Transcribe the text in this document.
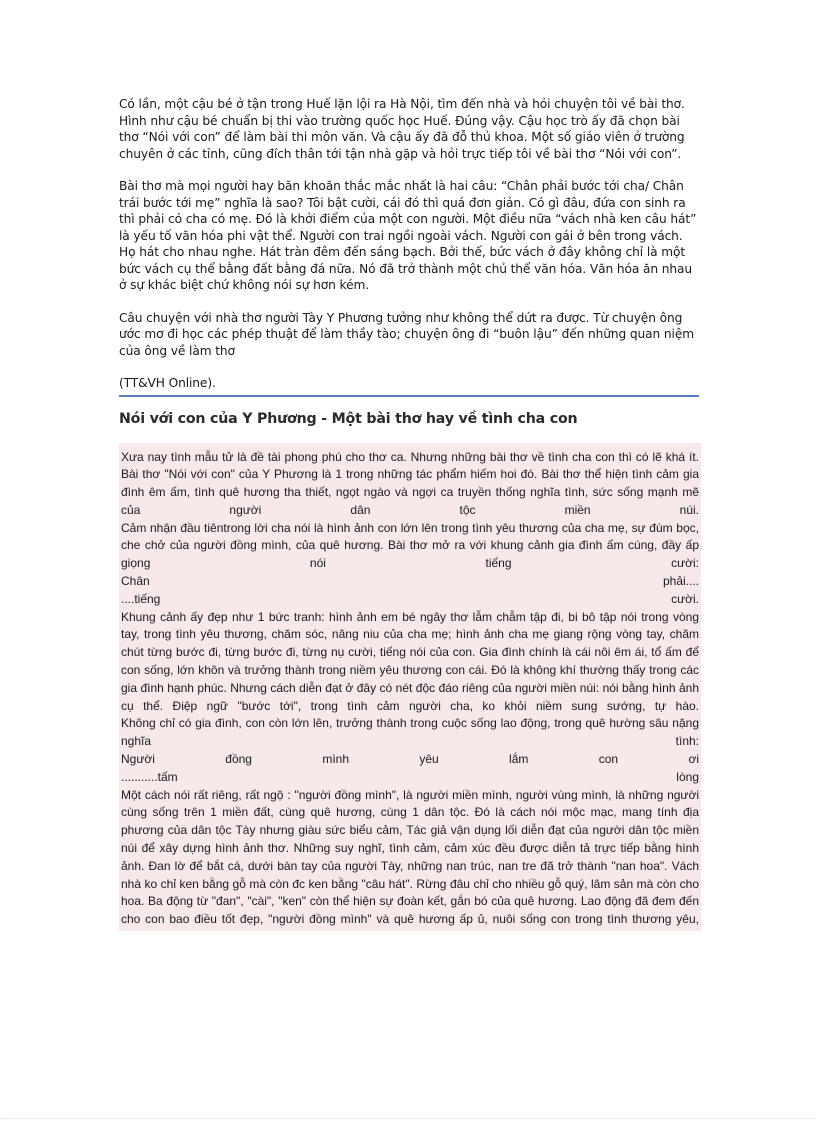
Có lần, một cậu bé ở tận trong Huế lặn lội ra Hà Nội, tìm đến nhà và hỏi chuyện tôi về bài thơ. Hình như cậu bé chuẩn bị thi vào trường quốc học Huế. Đúng vậy. Cậu học trò ấy đã chọn bài thơ “Nói với con” để làm bài thi môn văn. Và cậu ấy đã đỗ thủ khoa. Một số giáo viên ở trường chuyên ở các tỉnh, cũng đích thân tới tận nhà gặp và hỏi trực tiếp tôi về bài thơ “Nói với con”.

Bài thơ mà mọi người hay băn khoăn thắc mắc nhất là hai câu: “Chân phải bước tới cha/ Chân trái bước tới mẹ” nghĩa là sao? Tôi bật cười, cái đó thì quá đơn giản. Có gì đâu, đứa con sinh ra thì phải có cha có mẹ. Đó là khởi điểm của một con người. Một điều nữa “vách nhà ken câu hát” là yếu tố văn hóa phi vật thể. Người con trai ngồi ngoài vách. Người con gái ở bên trong vách. Họ hát cho nhau nghe. Hát tràn đêm đến sáng bạch. Bởi thế, bức vách ở đây không chỉ là một bức vách cụ thể bằng đất bằng đá nữa. Nó đã trở thành một chủ thể văn hóa. Văn hóa ăn nhau ở sự khác biệt chứ không nói sự hơn kém.

Câu chuyện với nhà thơ người Tày Y Phương tưởng như không thể dứt ra được. Từ chuyện ông ước mơ đi học các phép thuật để làm thầy tào; chuyện ông đi “buôn lậu” đến những quan niệm của ông về làm thơ

(TT&VH Online).

Nói với con của Y Phương - Một bài thơ hay về tình cha con
Xưa nay tình mẫu tử là đề tài phong phú cho thơ ca. Nhưng những bài thơ về tình cha con thì có lẽ khá ít.
Bài thơ "Nói với con" của Y Phương là 1 trong những tác phẩm hiếm hoi đó. Bài thơ thể hiện tình cảm gia
đình êm ấm, tình quê hương tha thiết, ngọt ngào và ngợi ca truyền thống nghĩa tình, sức sống mạnh mẽ
của người dân tộc miền núi.
Cảm nhận đầu tiêntrong lời cha nói là hình ảnh con lớn lên trong tình yêu thương của cha mẹ, sự đùm bọc,
che chở của người đồng mình, của quê hương. Bài thơ mở ra với khung cảnh gia đình ấm cúng, đầy ấp
giọng nói tiếng cười:
Chân phải....
....tiếng cười.
Khung cảnh ấy đẹp như 1 bức tranh: hình ảnh em bé ngây thơ lẫm chẫm tập đi, bi bô tập nói trong vòng
tay, trong tình yêu thương, chăm sóc, nâng niu của cha mẹ; hình ảnh cha mẹ giang rộng vòng tay, chăm
chút từng bước đi, từng bước đi, từng nụ cười, tiếng nói của con. Gia đình chính là cái nôi êm ái, tổ ấm để
con sống, lớn khôn và trưởng thành trong niềm yêu thương con cái. Đó là không khí thường thấy trong các
gia đình hạnh phúc. Nhưng cách diễn đạt ở đây có nét độc đáo riêng của người miền núi: nói bằng hình ảnh
cụ thể. Điệp ngữ "bước tới", trong tình cảm người cha, ko khỏi niềm sung sướng, tự hào.
Không chỉ có gia đình, con còn lớn lên, trưởng thành trong cuộc sống lao động, trong quê hường sâu nặng
nghĩa tình:
Người đồng mình yêu lắm con ơi
...........tấm lòng
Một cách nói rất riêng, rất ngộ : "người đồng mình", là người miền mình, người vùng mình, là những người
cùng sống trên 1 miền đất, cùng quê hương, cùng 1 dân tộc. Đó là cách nói mộc mạc, mang tính địa
phương của dân tộc Tày nhưng giàu sức biểu cảm, Tác giả vận dụng lối diễn đạt của người dân tộc miền
núi để xây dựng hình ảnh thơ. Những suy nghĩ, tình cảm, cảm xúc đều được diễn tả trực tiếp bằng hình
ảnh. Đan lờ để bắt cá, dưới bàn tay của người Tày, những nan trúc, nan tre đã trở thành "nan hoa". Vách
nhà ko chỉ ken bằng gỗ mà còn đc ken bằng "câu hát". Rừng đâu chỉ cho nhiều gỗ quý, lâm sản mà còn cho
hoa. Ba động từ "đan", "cài", "ken" còn thể hiện sự đoàn kết, gắn bó của quê hương. Lao động đã đem đến
cho con bao điều tốt đẹp, "người đồng mình" và quê hương ấp ủ, nuôi sống con trong tình thương yêu,
